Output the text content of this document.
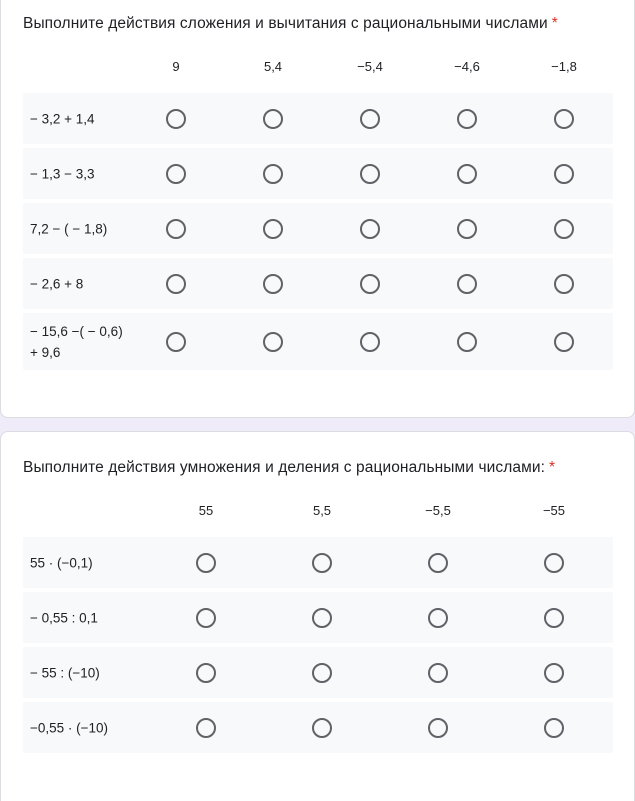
Выполните действия сложения и вычитания с рациональными числами *
9	5,4	−5,4	−4,6	−1,8
− 3,2 + 1,4
− 1,3 − 3,3
7,2 − ( − 1,8)
− 2,6 + 8
− 15,6 −( − 0,6) + 9,6
Выполните действия умножения и деления с рациональными числами: *
55	5,5	−5,5	−55
55 · (−0,1)
− 0,55 : 0,1
− 55 : (−10)
−0,55 · (−10)
